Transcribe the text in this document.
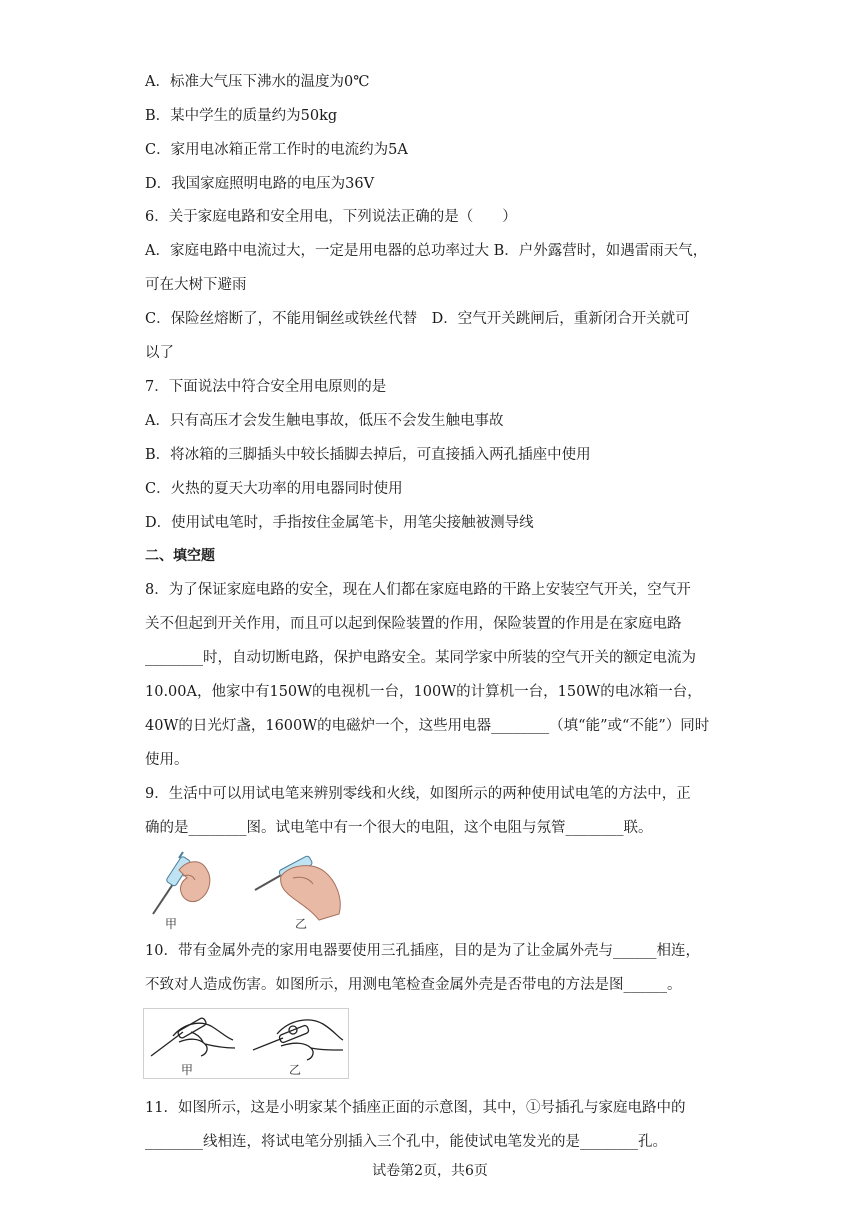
A．标准大气压下沸水的温度为0℃
B．某中学生的质量约为50kg
C．家用电冰箱正常工作时的电流约为5A
D．我国家庭照明电路的电压为36V
6．关于家庭电路和安全用电，下列说法正确的是（　　）
A．家庭电路中电流过大，一定是用电器的总功率过大 B．户外露营时，如遇雷雨天气，
可在大树下避雨
C．保险丝熔断了，不能用铜丝或铁丝代替　D．空气开关跳闸后，重新闭合开关就可
以了
7．下面说法中符合安全用电原则的是
A．只有高压才会发生触电事故，低压不会发生触电事故
B．将冰箱的三脚插头中较长插脚去掉后，可直接插入两孔插座中使用
C．火热的夏天大功率的用电器同时使用
D．使用试电笔时，手指按住金属笔卡，用笔尖接触被测导线
二、填空题
8．为了保证家庭电路的安全，现在人们都在家庭电路的干路上安装空气开关，空气开
关不但起到开关作用，而且可以起到保险装置的作用，保险装置的作用是在家庭电路
________时，自动切断电路，保护电路安全。某同学家中所装的空气开关的额定电流为
10.00A，他家中有150W的电视机一台，100W的计算机一台，150W的电冰箱一台，
40W的日光灯盏，1600W的电磁炉一个，这些用电器________（填“能”或“不能”）同时
使用。
9．生活中可以用试电笔来辨别零线和火线，如图所示的两种使用试电笔的方法中，正
确的是________图。试电笔中有一个很大的电阻，这个电阻与氖管________联。
甲	乙
10．带有金属外壳的家用电器要使用三孔插座，目的是为了让金属外壳与______相连，
不致对人造成伤害。如图所示，用测电笔检查金属外壳是否带电的方法是图______。
甲	乙
11．如图所示，这是小明家某个插座正面的示意图，其中，①号插孔与家庭电路中的
________线相连，将试电笔分别插入三个孔中，能使试电笔发光的是________孔。
试卷第2页，共6页
